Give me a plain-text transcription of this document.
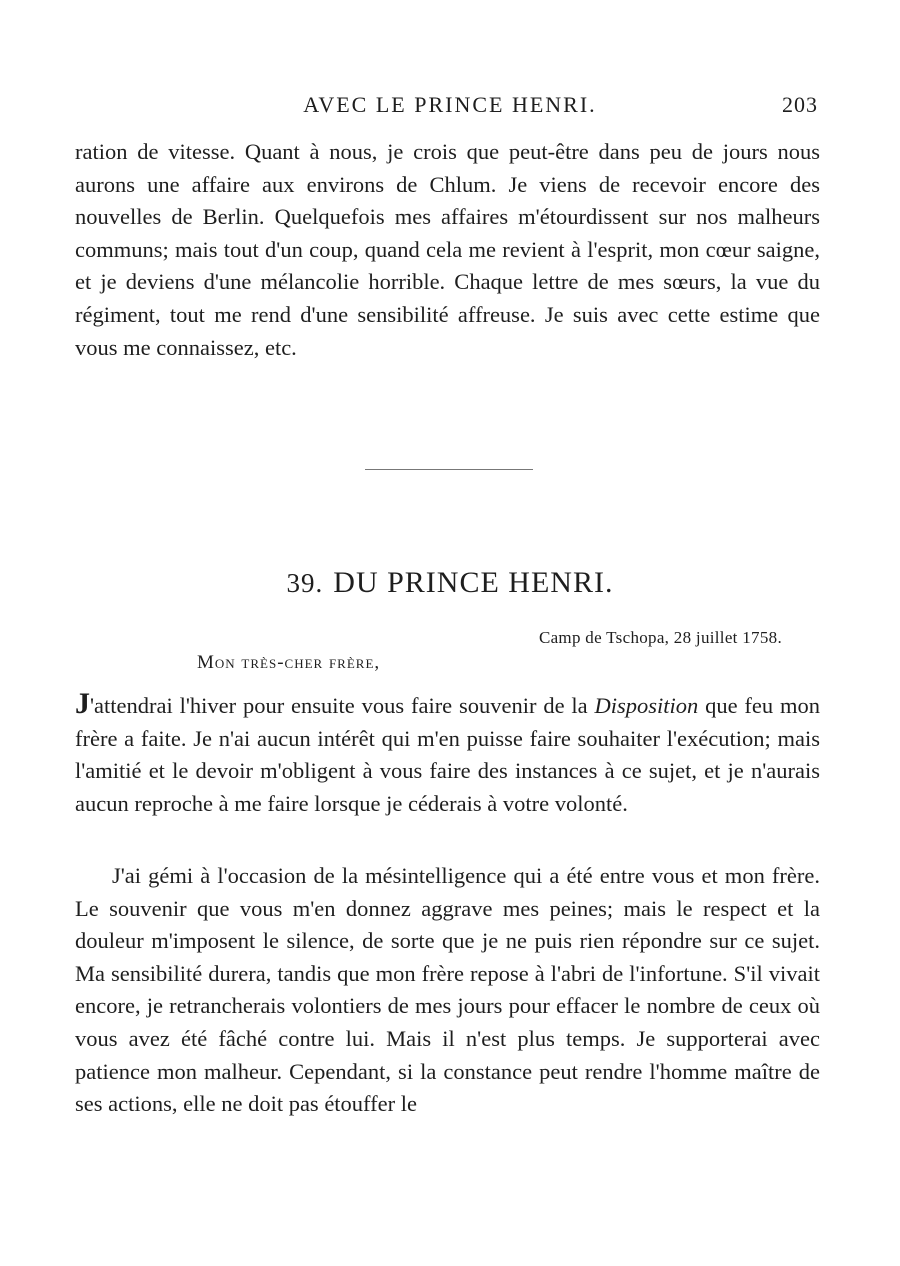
AVEC LE PRINCE HENRI.	203

ration de vitesse. Quant à nous, je crois que peut-être dans peu de jours nous aurons une affaire aux environs de Chlum. Je viens de recevoir encore des nouvelles de Berlin. Quelquefois mes affaires m'étourdissent sur nos malheurs communs; mais tout d'un coup, quand cela me revient à l'esprit, mon cœur saigne, et je deviens d'une mélancolie horrible. Chaque lettre de mes sœurs, la vue du régiment, tout me rend d'une sensibilité affreuse. Je suis avec cette estime que vous me connaissez, etc.

39. DU PRINCE HENRI.
Camp de Tschopa, 28 juillet 1758.
Mon très-cher frère,

J'attendrai l'hiver pour ensuite vous faire souvenir de la Disposition que feu mon frère a faite. Je n'ai aucun intérêt qui m'en puisse faire souhaiter l'exécution; mais l'amitié et le devoir m'obligent à vous faire des instances à ce sujet, et je n'aurais aucun reproche à me faire lorsque je céderais à votre volonté.

J'ai gémi à l'occasion de la mésintelligence qui a été entre vous et mon frère. Le souvenir que vous m'en donnez aggrave mes peines; mais le respect et la douleur m'imposent le silence, de sorte que je ne puis rien répondre sur ce sujet. Ma sensibilité durera, tandis que mon frère repose à l'abri de l'infortune. S'il vivait encore, je retrancherais volontiers de mes jours pour effacer le nombre de ceux où vous avez été fâché contre lui. Mais il n'est plus temps. Je supporterai avec patience mon malheur. Cependant, si la constance peut rendre l'homme maître de ses actions, elle ne doit pas étouffer le
